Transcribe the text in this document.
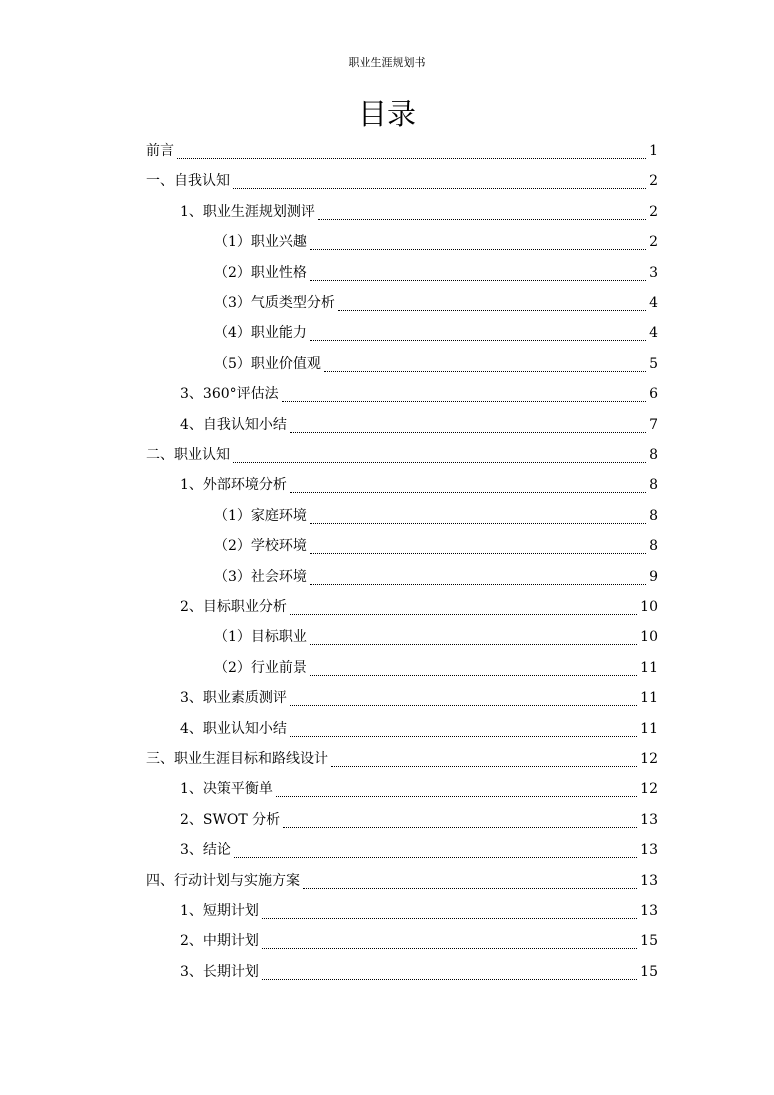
职业生涯规划书
目录
前言	1
一、自我认知	2
1、职业生涯规划测评	2
（1）职业兴趣	2
（2）职业性格	3
（3）气质类型分析	4
（4）职业能力	4
（5）职业价值观	5
3、360°评估法	6
4、自我认知小结	7
二、职业认知	8
1、外部环境分析	8
（1）家庭环境	8
（2）学校环境	8
（3）社会环境	9
2、目标职业分析	10
（1）目标职业	10
（2）行业前景	11
3、职业素质测评	11
4、职业认知小结	11
三、职业生涯目标和路线设计	12
1、决策平衡单	12
2、SWOT 分析	13
3、结论	13
四、行动计划与实施方案	13
1、短期计划	13
2、中期计划	15
3、长期计划	15
